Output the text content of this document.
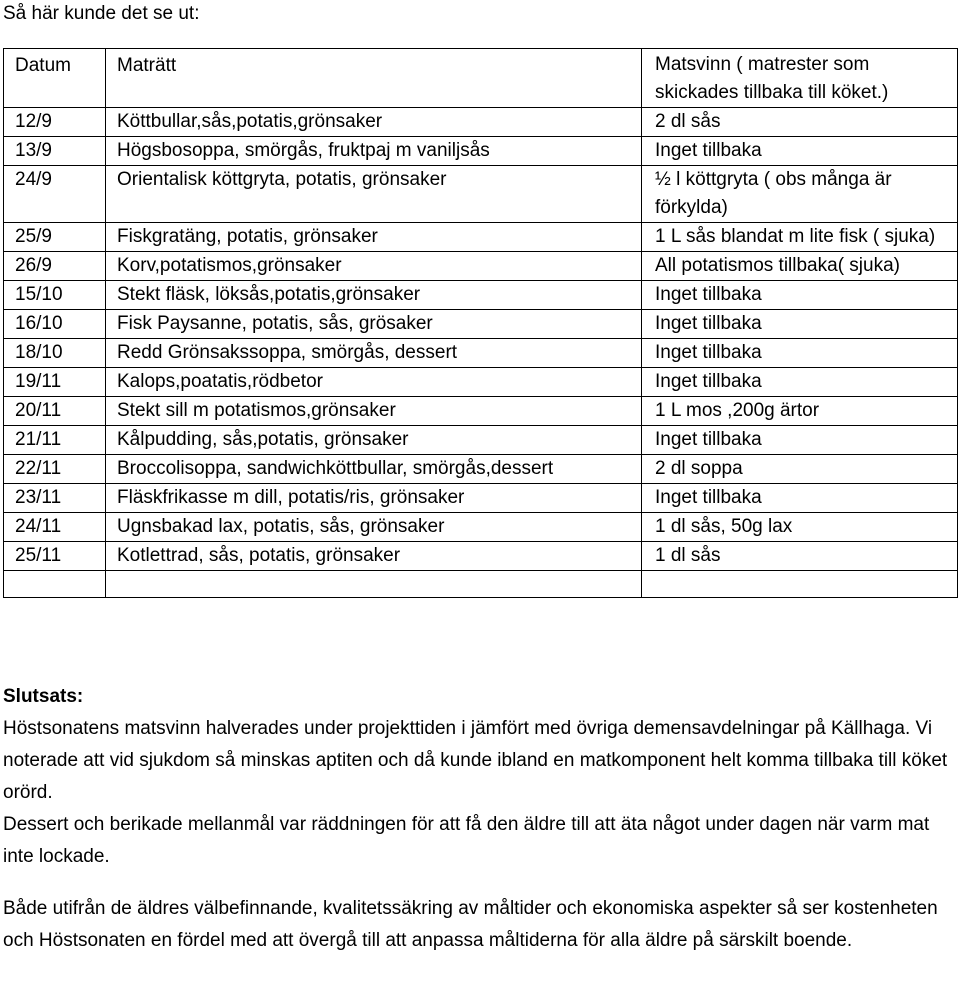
Så här kunde det se ut:
Datum	Maträtt	Matsvinn ( matrester som skickades tillbaka till köket.)

12/9	Köttbullar,sås,potatis,grönsaker	2 dl sås

13/9	Högsbosoppa, smörgås, fruktpaj m vaniljsås	Inget tillbaka

24/9	Orientalisk köttgryta, potatis, grönsaker	½ l köttgryta ( obs många är förkylda)

25/9	Fiskgratäng, potatis, grönsaker	1 L sås blandat m lite fisk ( sjuka)

26/9	Korv,potatismos,grönsaker	All potatismos tillbaka( sjuka)

15/10	Stekt fläsk, löksås,potatis,grönsaker	Inget tillbaka

16/10	Fisk Paysanne, potatis, sås, grösaker	Inget tillbaka

18/10	Redd Grönsakssoppa, smörgås, dessert	Inget tillbaka

19/11	Kalops,poatatis,rödbetor	Inget tillbaka

20/11	Stekt sill m potatismos,grönsaker	1 L mos ,200g ärtor

21/11	Kålpudding, sås,potatis, grönsaker	Inget tillbaka

22/11	Broccolisoppa, sandwichköttbullar, smörgås,dessert	2 dl soppa

23/11	Fläskfrikasse m dill, potatis/ris, grönsaker	Inget tillbaka

24/11	Ugnsbakad lax, potatis, sås, grönsaker	1 dl sås, 50g lax

25/11	Kotlettrad, sås, potatis, grönsaker	1 dl sås

Slutsats:

Höstsonatens matsvinn halverades under projekttiden i jämfört med övriga demensavdelningar på Källhaga. Vi noterade att vid sjukdom så minskas aptiten och då kunde ibland en matkomponent helt komma tillbaka till köket orörd.

Dessert och berikade mellanmål var räddningen för att få den äldre till att äta något under dagen när varm mat inte lockade.

Både utifrån de äldres välbefinnande, kvalitetssäkring av måltider och ekonomiska aspekter så ser kostenheten och Höstsonaten en fördel med att övergå till att anpassa måltiderna för alla äldre på särskilt boende.
